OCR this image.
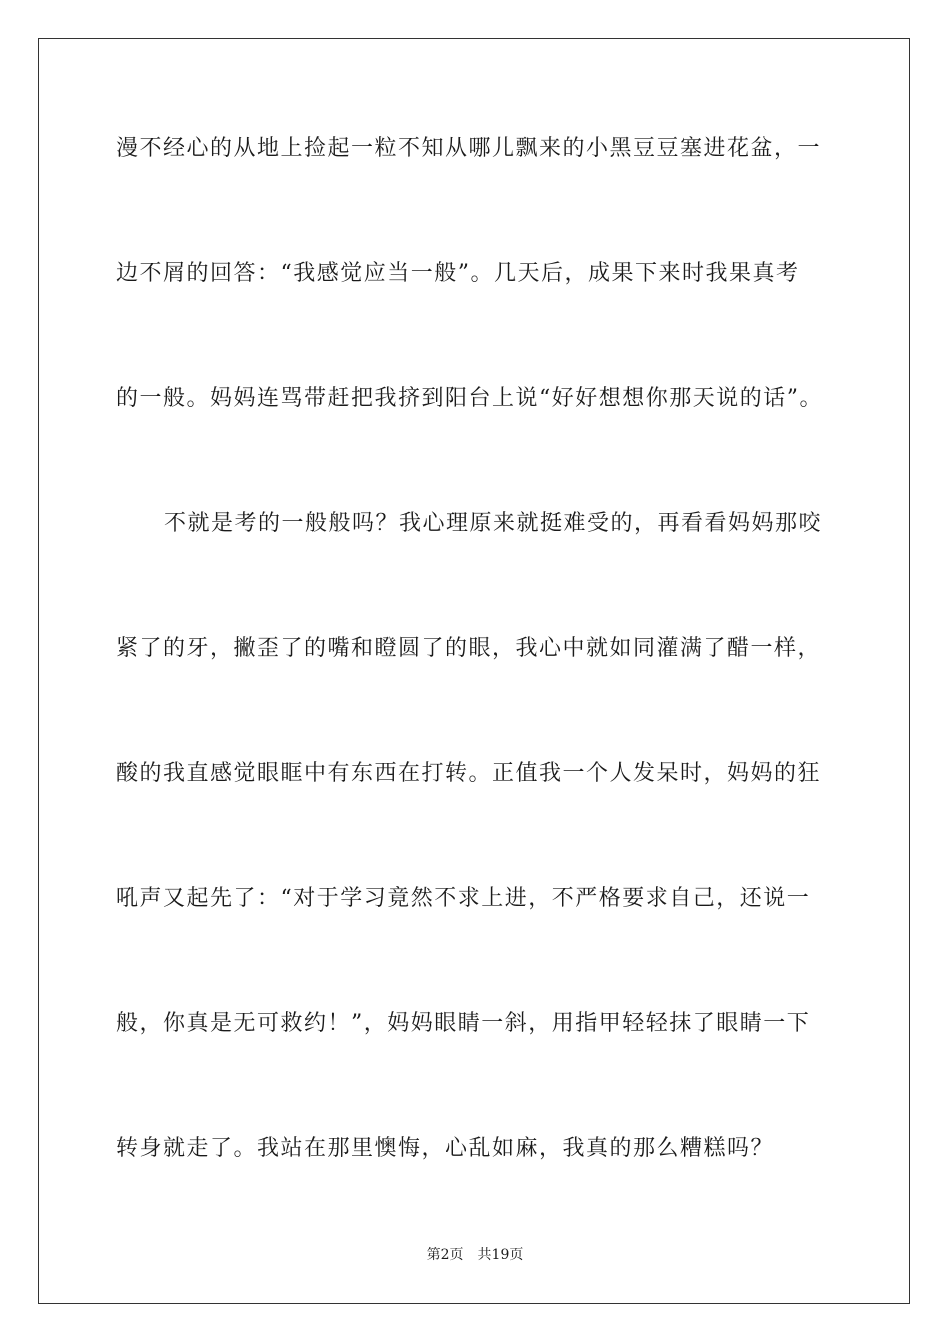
漫不经心的从地上捡起一粒不知从哪儿飘来的小黑豆豆塞进花盆，一
边不屑的回答：“我感觉应当一般”。几天后，成果下来时我果真考
的一般。妈妈连骂带赶把我挤到阳台上说“好好想想你那天说的话”。
不就是考的一般般吗？我心理原来就挺难受的，再看看妈妈那咬
紧了的牙，撇歪了的嘴和瞪圆了的眼，我心中就如同灌满了醋一样，
酸的我直感觉眼眶中有东西在打转。正值我一个人发呆时，妈妈的狂
吼声又起先了：“对于学习竟然不求上进，不严格要求自己，还说一
般，你真是无可救约！”，妈妈眼睛一斜，用指甲轻轻抹了眼睛一下
转身就走了。我站在那里懊悔，心乱如麻，我真的那么糟糕吗？
第2页 共19页
